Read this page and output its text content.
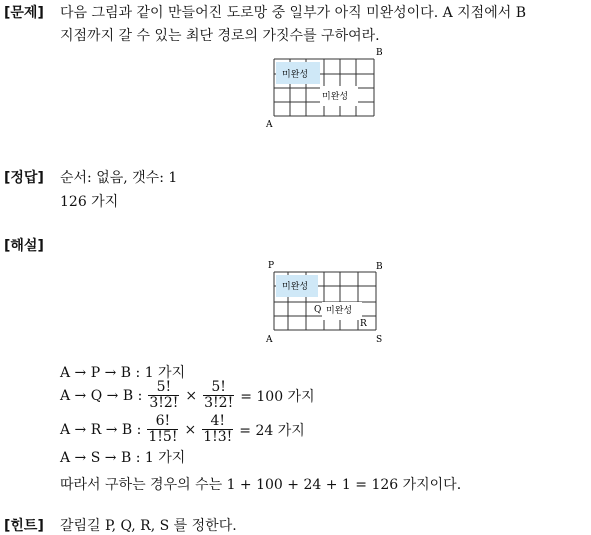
[문제] 다음 그림과 같이 만들어진 도로망 중 일부가 아직 미완성이다. A 지점에서 B
지점까지 갈 수 있는 최단 경로의 가짓수를 구하여라.
미완성
미완성
B
A
[정답] 순서: 없음, 갯수: 1
126 가지
[해설]
미완성
미완성
Q
R
P	B
A	S
A → P → B : 1 가지
A → Q → B : $\frac{5!}{3!2!} \times \frac{5!}{3!2!} = 100$ 가지
A → R → B : $\frac{6!}{1!5!} \times \frac{4!}{1!3!} = 24$ 가지
A → S → B : 1 가지
따라서 구하는 경우의 수는 1 + 100 + 24 + 1 = 126 가지이다.
[힌트] 갈림길 P, Q, R, S 를 정한다.
